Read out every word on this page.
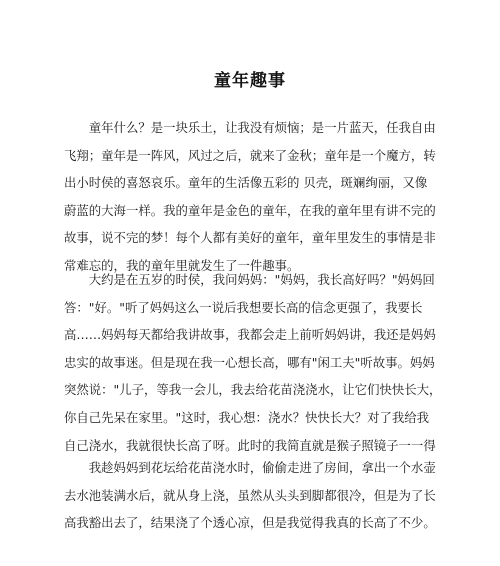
童年趣事
　　童年什么？是一块乐土，让我没有烦恼；是一片蓝天，任我自由
飞翔；童年是一阵风，风过之后，就来了金秋；童年是一个魔方，转
出小时侯的喜怒哀乐。童年的生活像五彩的 贝壳，斑斓绚丽，又像
蔚蓝的大海一样。我的童年是金色的童年，在我的童年里有讲不完的
故事，说不完的梦！每个人都有美好的童年，童年里发生的事情是非
常难忘的，我的童年里就发生了一件趣事。
　　大约是在五岁的时侯，我问妈妈："妈妈，我长高好吗？"妈妈回
答："好。"听了妈妈这么一说后我想要长高的信念更强了，我要长
高……妈妈每天都给我讲故事，我都会走上前听妈妈讲，我还是妈妈
忠实的故事迷。但是现在我一心想长高，哪有"闲工夫"听故事。妈妈
突然说："儿子，等我一会儿，我去给花苗浇浇水，让它们快快长大，
你自己先呆在家里。"这时，我心想：浇水？快快长大？对了我给我
自己浇水，我就很快长高了呀。此时的我简直就是猴子照镜子一一得
　　我趁妈妈到花坛给花苗浇水时，偷偷走进了房间，拿出一个水壶
去水池装满水后，就从身上浇，虽然从头头到脚都很冷，但是为了长
高我豁出去了，结果浇了个透心凉，但是我觉得我真的长高了不少。
